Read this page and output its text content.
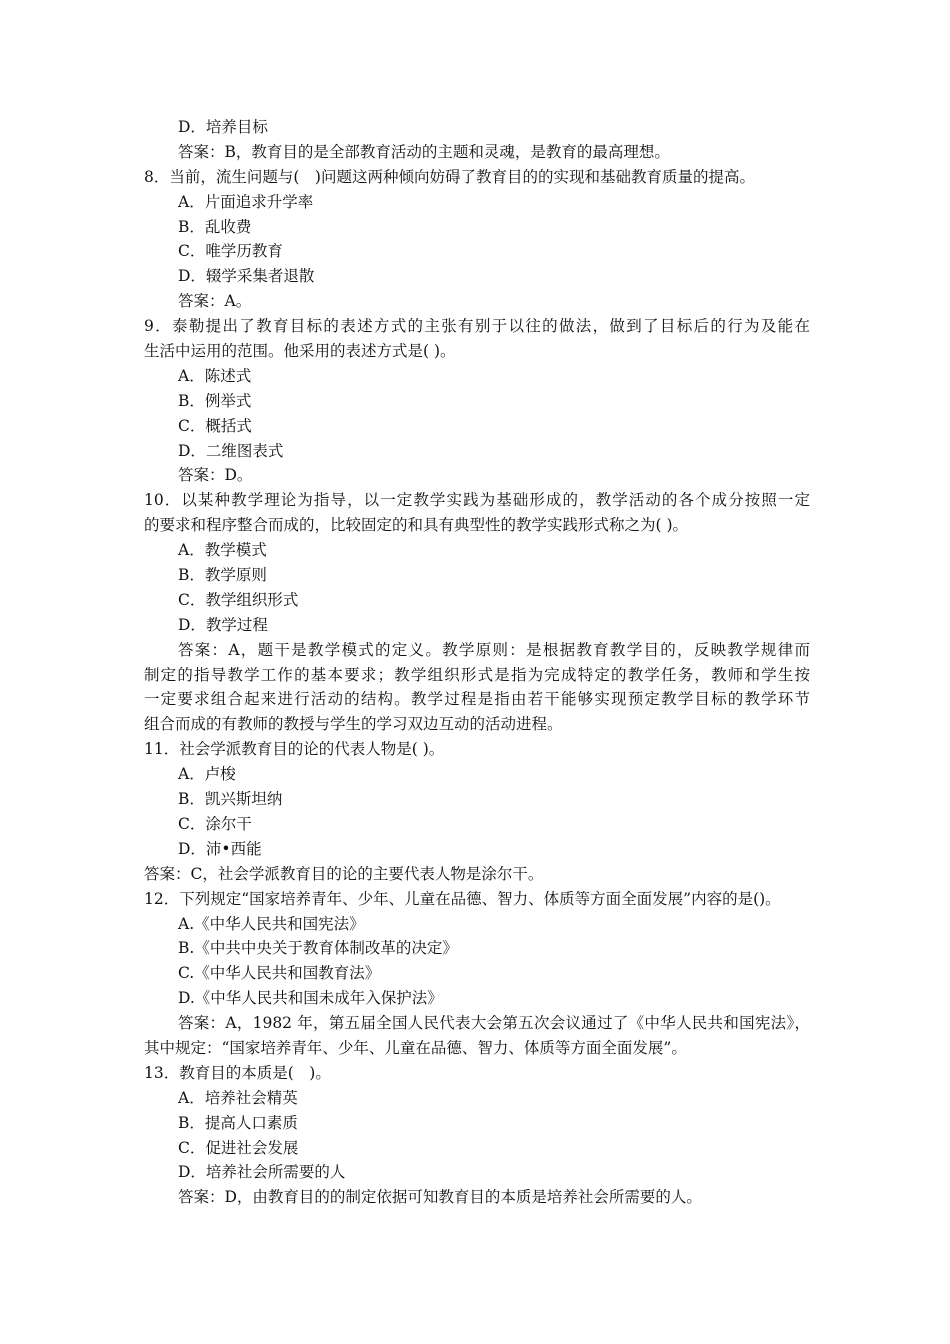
D．培养目标
答案：B，教育目的是全部教育活动的主题和灵魂，是教育的最高理想。
8．当前，流生问题与(　)问题这两种倾向妨碍了教育目的的实现和基础教育质量的提高。
A．片面追求升学率
B．乱收费
C．唯学历教育
D．辍学采集者退散
答案：A。
9．泰勒提出了教育目标的表述方式的主张有别于以往的做法，做到了目标后的行为及能在
生活中运用的范围。他采用的表述方式是( )。
A．陈述式
B．例举式
C．概括式
D．二维图表式
答案：D。
10．以某种教学理论为指导，以一定教学实践为基础形成的，教学活动的各个成分按照一定
的要求和程序整合而成的，比较固定的和具有典型性的教学实践形式称之为( )。
A．教学模式
B．教学原则
C．教学组织形式
D．教学过程
答案：A，题干是教学模式的定义。教学原则：是根据教育教学目的，反映教学规律而
制定的指导教学工作的基本要求；教学组织形式是指为完成特定的教学任务，教师和学生按
一定要求组合起来进行活动的结构。教学过程是指由若干能够实现预定教学目标的教学环节
组合而成的有教师的教授与学生的学习双边互动的活动进程。
11．社会学派教育目的论的代表人物是( )。
A．卢梭
B．凯兴斯坦纳
C．涂尔干
D．沛•西能
答案：C，社会学派教育目的论的主要代表人物是涂尔干。
12．下列规定“国家培养青年、少年、儿童在品德、智力、体质等方面全面发展”内容的是()。
A.《中华人民共和国宪法》
B.《中共中央关于教育体制改革的决定》
C.《中华人民共和国教育法》
D.《中华人民共和国未成年入保护法》
答案：A，1982 年，第五届全国人民代表大会第五次会议通过了《中华人民共和国宪法》，
其中规定：“国家培养青年、少年、儿童在品德、智力、体质等方面全面发展”。
13．教育目的本质是(　)。
A．培养社会精英
B．提高人口素质
C．促进社会发展
D．培养社会所需要的人
答案：D，由教育目的的制定依据可知教育目的本质是培养社会所需要的人。
